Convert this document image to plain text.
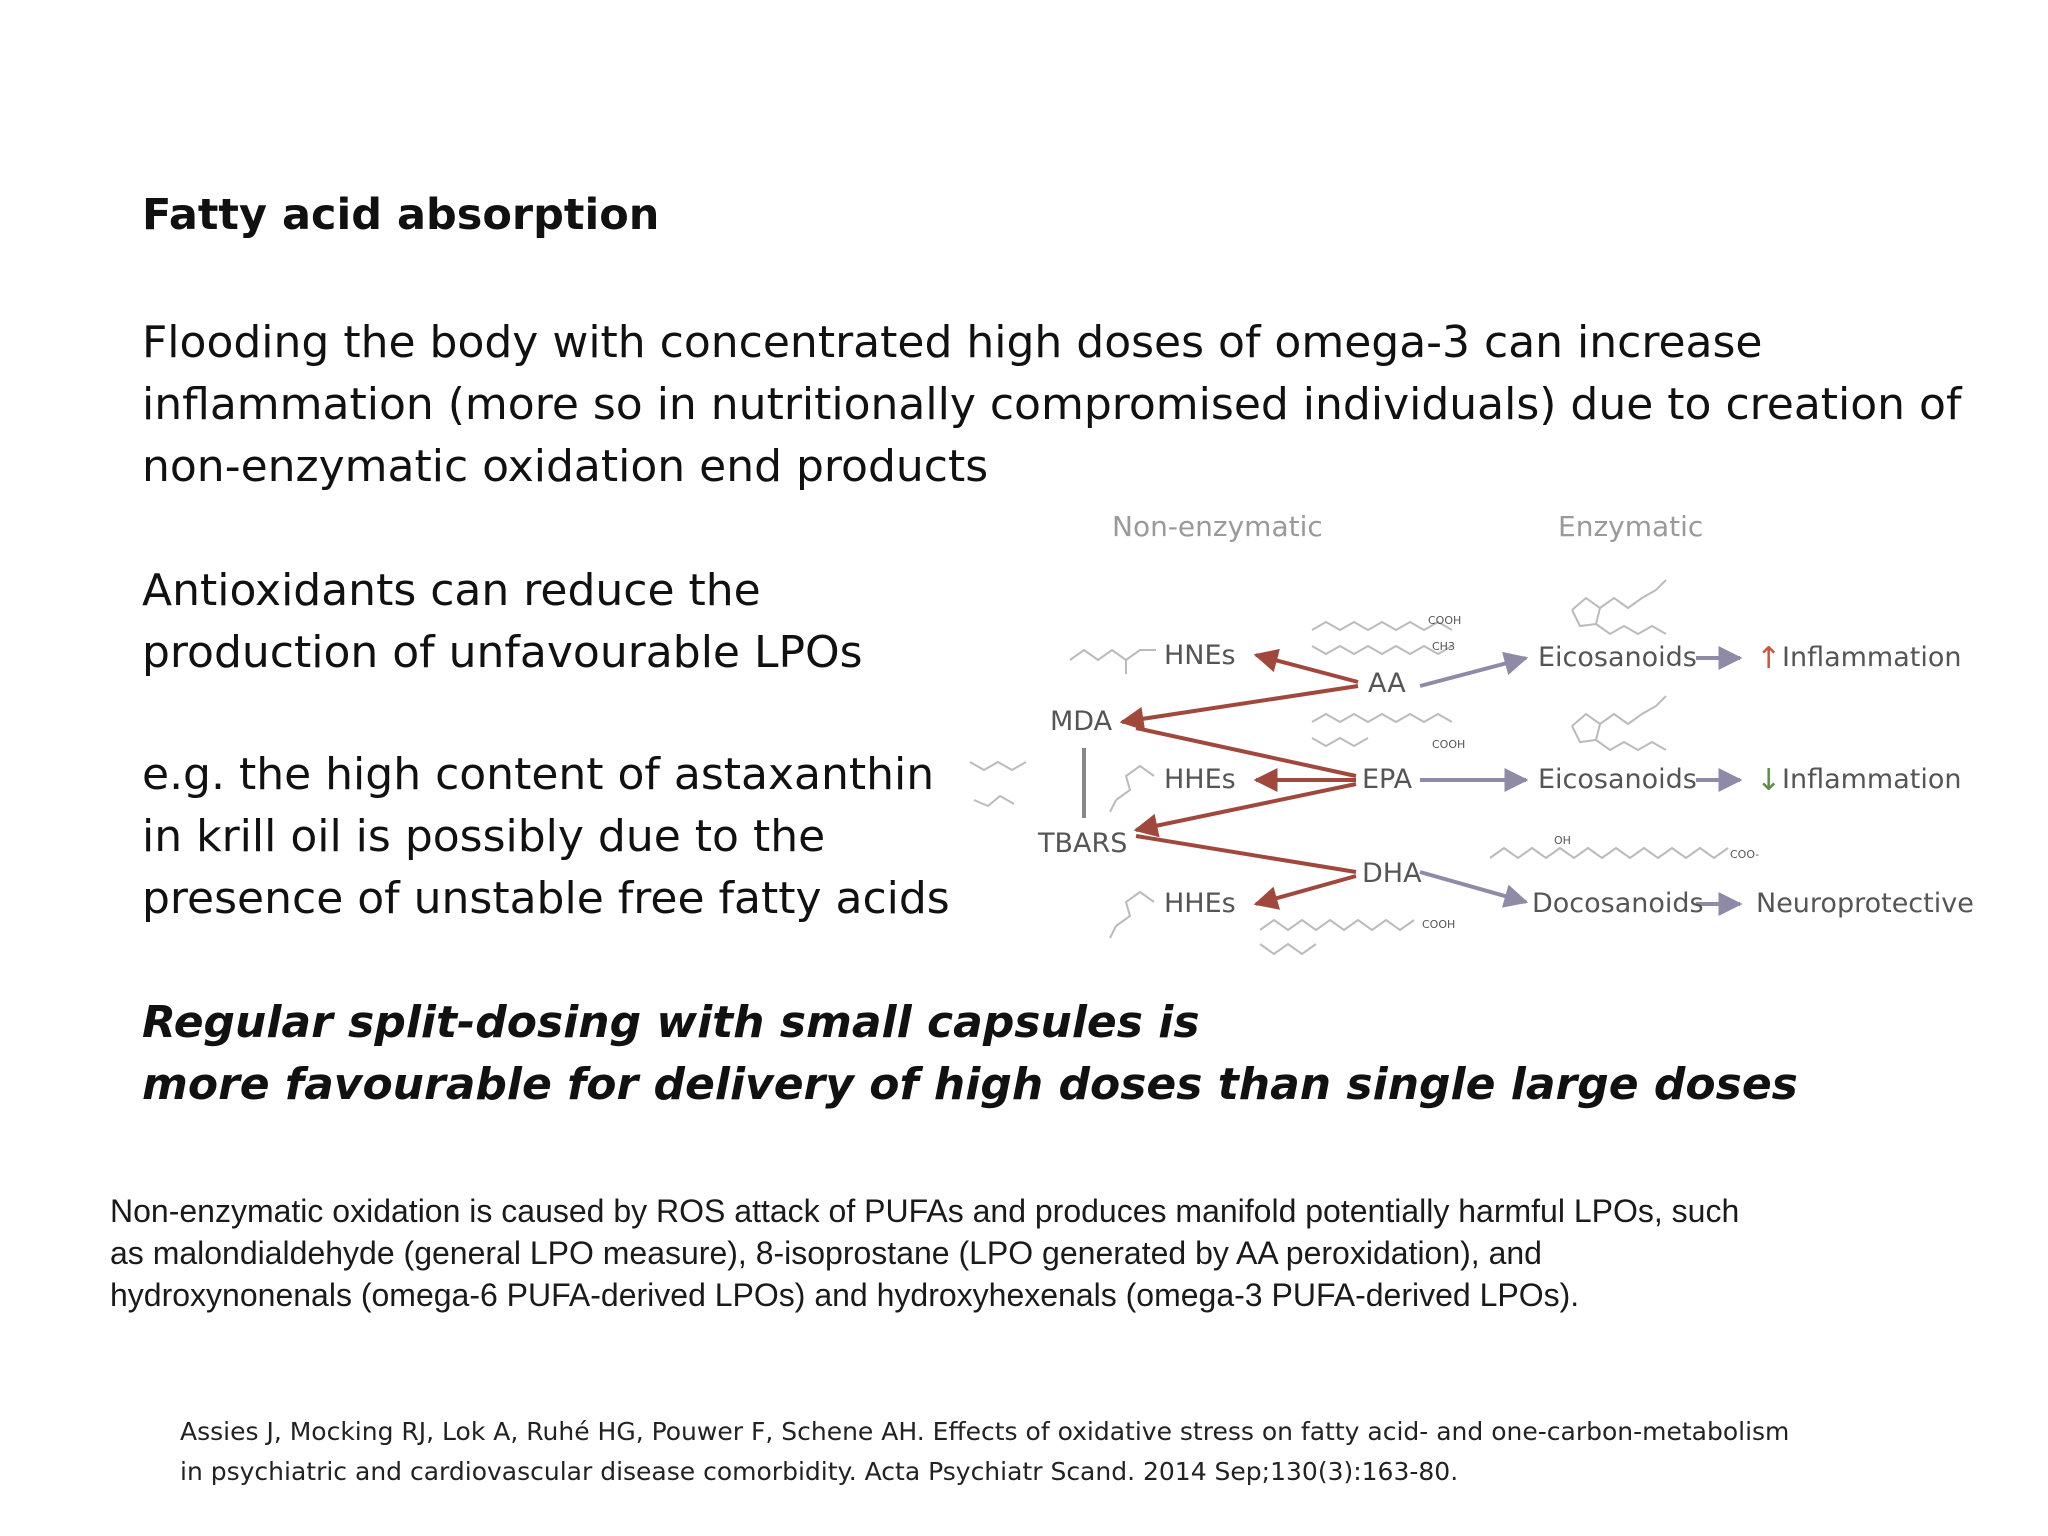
Fatty acid absorption

Flooding the body with concentrated high doses of omega-3 can increase
inflammation (more so in nutritionally compromised individuals) due to creation of
non-enzymatic oxidation end products

Antioxidants can reduce the
production of unfavourable LPOs

e.g. the high content of astaxanthin
in krill oil is possibly due to the
presence of unstable free fatty acids

Regular split-dosing with small capsules is
more favourable for delivery of high doses than single large doses

Non-enzymatic	Enzymatic
MDA
TBARS
HNEs
HHEs
HHEs
COOH
CH3
COOH
COOH
AA
EPA
DHA
OH
COO-
Eicosanoids
Eicosanoids
Docosanoids
↑ Inflammation
↓ Inflammation
Neuroprotective

Non-enzymatic oxidation is caused by ROS attack of PUFAs and produces manifold potentially harmful LPOs, such
as malondialdehyde (general LPO measure), 8-isoprostane (LPO generated by AA peroxidation), and
hydroxynonenals (omega-6 PUFA-derived LPOs) and hydroxyhexenals (omega-3 PUFA-derived LPOs).

Assies J, Mocking RJ, Lok A, Ruhé HG, Pouwer F, Schene AH. Effects of oxidative stress on fatty acid- and one-carbon-metabolism
in psychiatric and cardiovascular disease comorbidity. Acta Psychiatr Scand. 2014 Sep;130(3):163-80.
